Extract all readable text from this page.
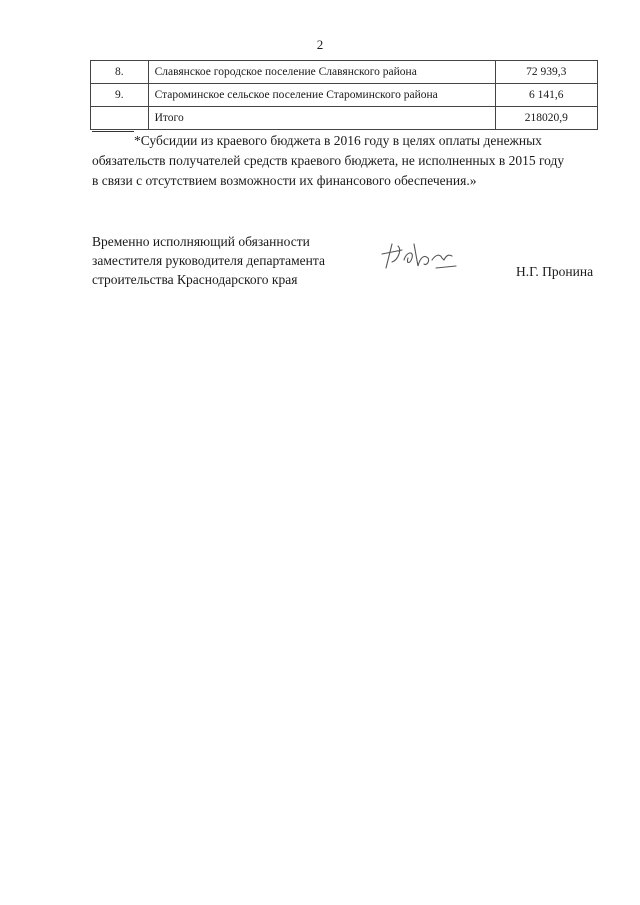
2
8.	Славянское городское поселение Славянского района	72 939,3
9.	Староминское сельское поселение Староминского района	6 141,6
	Итого	218020,9

*Субсидии из краевого бюджета в 2016 году в целях оплаты денежных

обязательств получателей средств краевого бюджета, не исполненных в 2015 году

в связи с отсутствием возможности их финансового обеспечения.»

Временно исполняющий обязанности
заместителя руководителя департамента
строительства Краснодарского края
Н.Г. Пронина
